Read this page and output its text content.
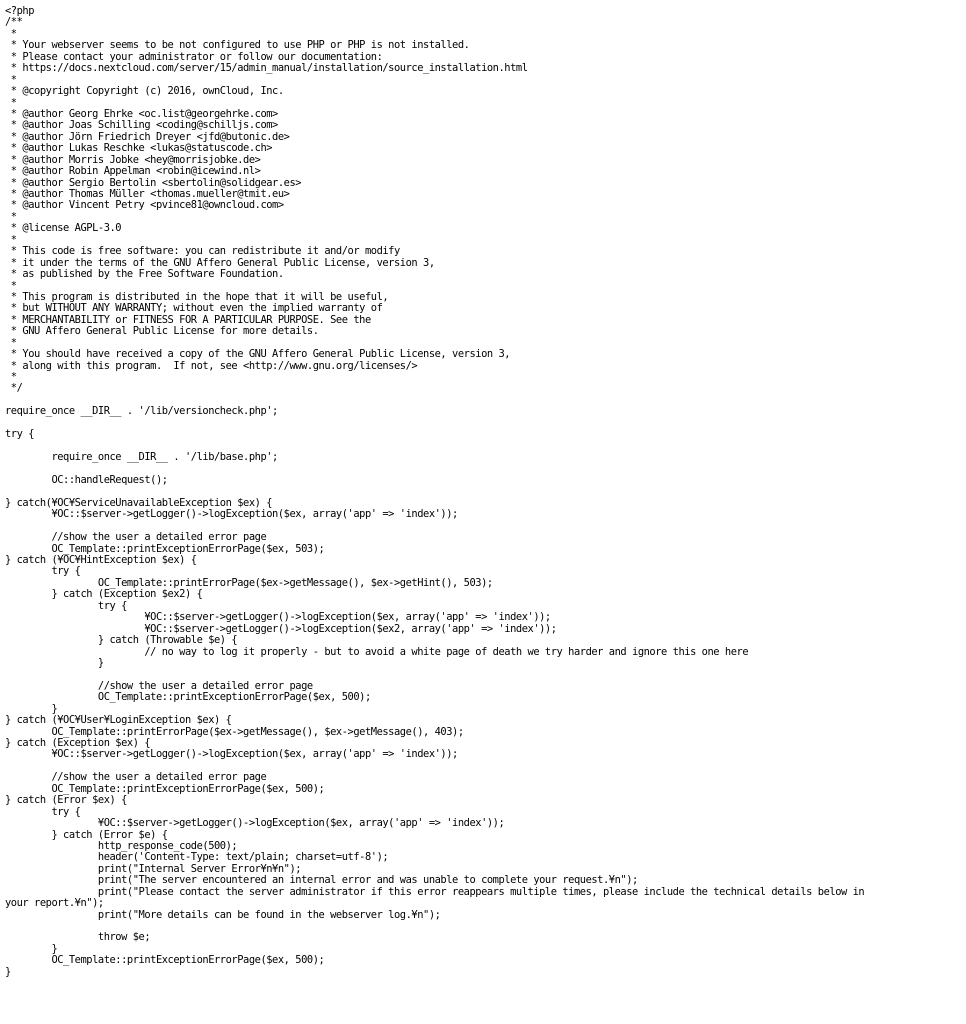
<?php
/**
*
* Your webserver seems to be not configured to use PHP or PHP is not installed.
* Please contact your administrator or follow our documentation:
* https://docs.nextcloud.com/server/15/admin_manual/installation/source_installation.html
*
* @copyright Copyright (c) 2016, ownCloud, Inc.
*
* @author Georg Ehrke <oc.list@georgehrke.com>
* @author Joas Schilling <coding@schilljs.com>
* @author Jörn Friedrich Dreyer <jfd@butonic.de>
* @author Lukas Reschke <lukas@statuscode.ch>
* @author Morris Jobke <hey@morrisjobke.de>
* @author Robin Appelman <robin@icewind.nl>
* @author Sergio Bertolin <sbertolin@solidgear.es>
* @author Thomas Müller <thomas.mueller@tmit.eu>
* @author Vincent Petry <pvince81@owncloud.com>
*
* @license AGPL-3.0
*
* This code is free software: you can redistribute it and/or modify
* it under the terms of the GNU Affero General Public License, version 3,
* as published by the Free Software Foundation.
*
* This program is distributed in the hope that it will be useful,
* but WITHOUT ANY WARRANTY; without even the implied warranty of
* MERCHANTABILITY or FITNESS FOR A PARTICULAR PURPOSE. See the
* GNU Affero General Public License for more details.
*
* You should have received a copy of the GNU Affero General Public License, version 3,
* along with this program.  If not, see <http://www.gnu.org/licenses/>
*
*/
require_once __DIR__ . '/lib/versioncheck.php';
try {
require_once __DIR__ . '/lib/base.php';
OC::handleRequest();
} catch(¥OC¥ServiceUnavailableException $ex) {
¥OC::$server->getLogger()->logException($ex, array('app' => 'index'));
//show the user a detailed error page
OC_Template::printExceptionErrorPage($ex, 503);
} catch (¥OC¥HintException $ex) {
try {
OC_Template::printErrorPage($ex->getMessage(), $ex->getHint(), 503);
} catch (Exception $ex2) {
try {
¥OC::$server->getLogger()->logException($ex, array('app' => 'index'));
¥OC::$server->getLogger()->logException($ex2, array('app' => 'index'));
} catch (Throwable $e) {
// no way to log it properly - but to avoid a white page of death we try harder and ignore this one here
}
//show the user a detailed error page
OC_Template::printExceptionErrorPage($ex, 500);
}
} catch (¥OC¥User¥LoginException $ex) {
OC_Template::printErrorPage($ex->getMessage(), $ex->getMessage(), 403);
} catch (Exception $ex) {
¥OC::$server->getLogger()->logException($ex, array('app' => 'index'));
//show the user a detailed error page
OC_Template::printExceptionErrorPage($ex, 500);
} catch (Error $ex) {
try {
¥OC::$server->getLogger()->logException($ex, array('app' => 'index'));
} catch (Error $e) {
http_response_code(500);
header('Content-Type: text/plain; charset=utf-8');
print("Internal Server Error¥n¥n");
print("The server encountered an internal error and was unable to complete your request.¥n");
print("Please contact the server administrator if this error reappears multiple times, please include the technical details below in
your report.¥n");
print("More details can be found in the webserver log.¥n");
throw $e;
}
OC_Template::printExceptionErrorPage($ex, 500);
}
